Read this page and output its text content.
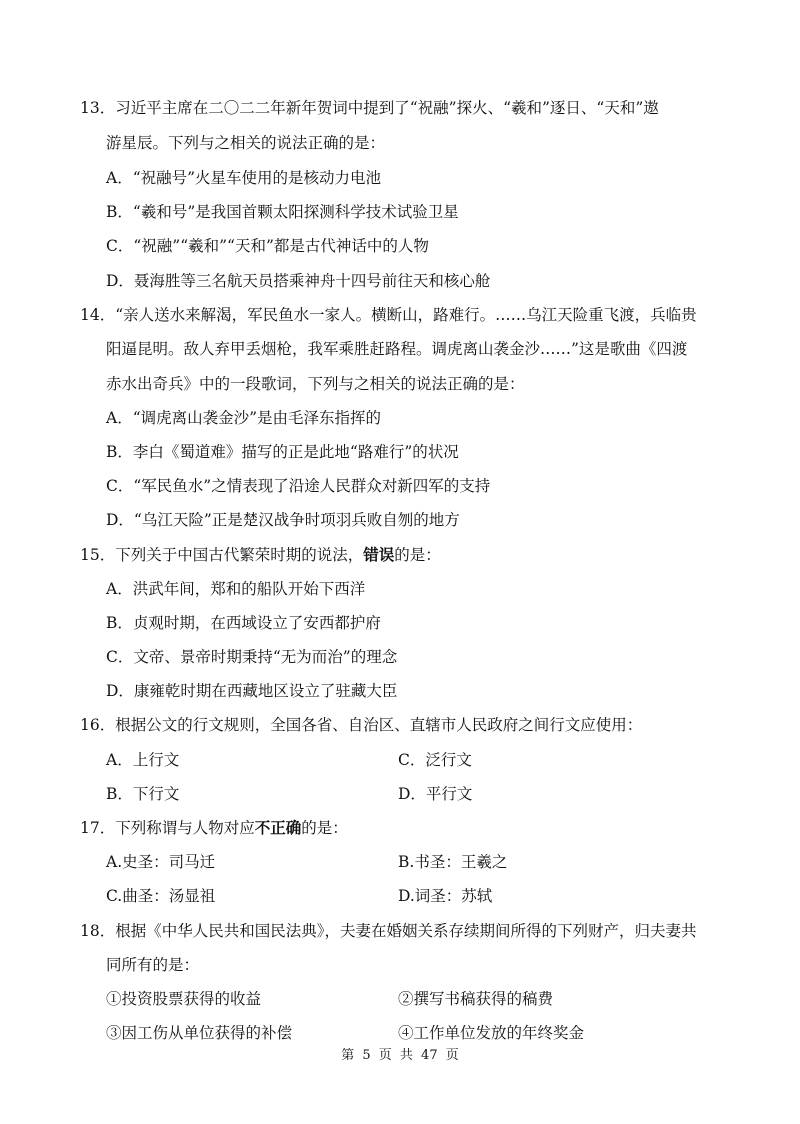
13．习近平主席在二〇二二年新年贺词中提到了“祝融”探火、“羲和”逐日、“天和”遨
游星辰。下列与之相关的说法正确的是：
A．“祝融号”火星车使用的是核动力电池
B．“羲和号”是我国首颗太阳探测科学技术试验卫星
C．“祝融”“羲和”“天和”都是古代神话中的人物
D．聂海胜等三名航天员搭乘神舟十四号前往天和核心舱
14．“亲人送水来解渴，军民鱼水一家人。横断山，路难行。……乌江天险重飞渡，兵临贵
阳逼昆明。敌人弃甲丢烟枪，我军乘胜赶路程。调虎离山袭金沙……”这是歌曲《四渡
赤水出奇兵》中的一段歌词，下列与之相关的说法正确的是：
A．“调虎离山袭金沙”是由毛泽东指挥的
B．李白《蜀道难》描写的正是此地“路难行”的状况
C．“军民鱼水”之情表现了沿途人民群众对新四军的支持
D．“乌江天险”正是楚汉战争时项羽兵败自刎的地方
15．下列关于中国古代繁荣时期的说法，错误的是：
A．洪武年间，郑和的船队开始下西洋
B．贞观时期，在西域设立了安西都护府
C．文帝、景帝时期秉持“无为而治”的理念
D．康雍乾时期在西藏地区设立了驻藏大臣
16．根据公文的行文规则，全国各省、自治区、直辖市人民政府之间行文应使用：
A．上行文	C．泛行文
B．下行文	D．平行文
17．下列称谓与人物对应不正确的是：
A.史圣：司马迁	B.书圣：王羲之
C.曲圣：汤显祖	D.词圣：苏轼
18．根据《中华人民共和国民法典》，夫妻在婚姻关系存续期间所得的下列财产，归夫妻共
同所有的是：
①投资股票获得的收益	②撰写书稿获得的稿费
③因工伤从单位获得的补偿	④工作单位发放的年终奖金
第 5 页 共 47 页
